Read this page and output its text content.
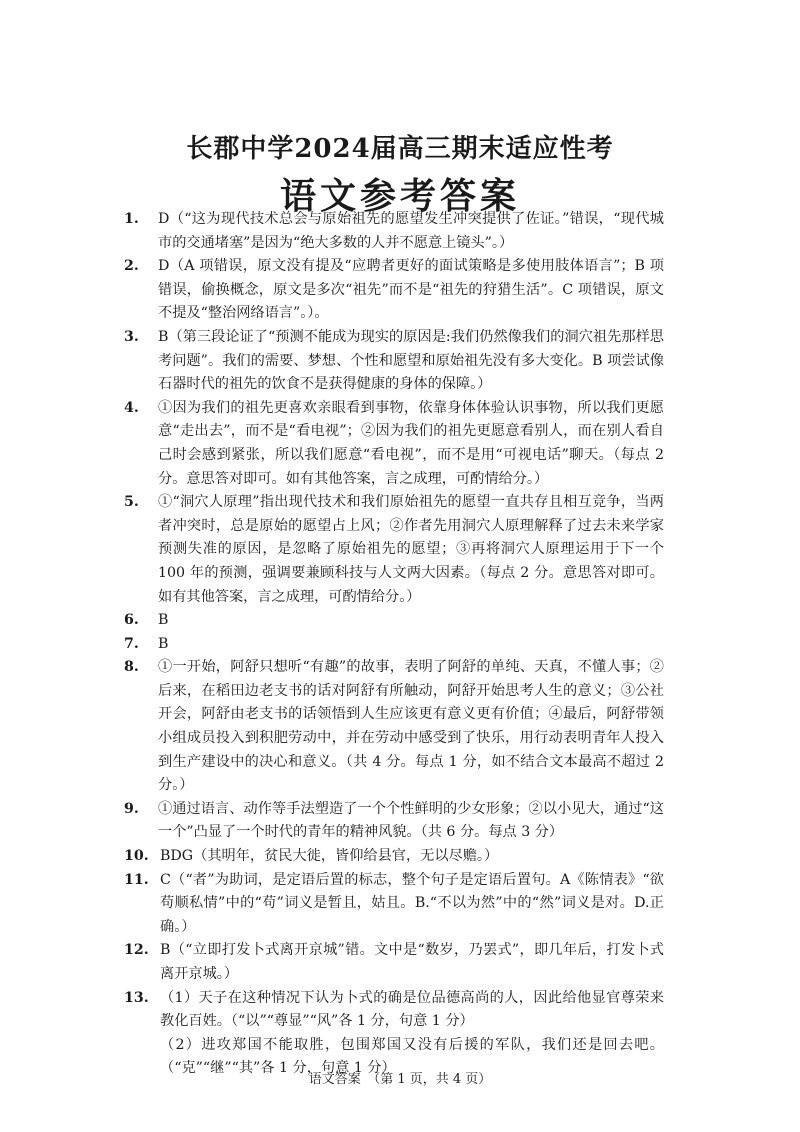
长郡中学2024届高三期末适应性考
语文参考答案
1.	D（“这为现代技术总会与原始祖先的愿望发生冲突提供了佐证。”错误，“现代城市的交通堵塞”是因为“绝大多数的人并不愿意上镜头”。）
2.	D（A 项错误，原文没有提及“应聘者更好的面试策略是多使用肢体语言”；B 项错误，偷换概念，原文是多次“祖先”而不是“祖先的狩猎生活”。C 项错误，原文不提及“整治网络语言”。）。
3.	B（第三段论证了“预测不能成为现实的原因是:我们仍然像我们的洞穴祖先那样思考问题”。我们的需要、梦想、个性和愿望和原始祖先没有多大变化。B 项尝试像石器时代的祖先的饮食不是获得健康的身体的保障。）
4.	①因为我们的祖先更喜欢亲眼看到事物，依靠身体体验认识事物，所以我们更愿意“走出去”，而不是“看电视”；②因为我们的祖先更愿意看别人，而在别人看自己时会感到紧张，所以我们愿意“看电视”，而不是用“可视电话”聊天。（每点 2 分。意思答对即可。如有其他答案，言之成理，可酌情给分。）
5.	①“洞穴人原理”指出现代技术和我们原始祖先的愿望一直共存且相互竞争，当两者冲突时，总是原始的愿望占上风；②作者先用洞穴人原理解释了过去未来学家预测失准的原因，是忽略了原始祖先的愿望；③再将洞穴人原理运用于下一个 100 年的预测，强调要兼顾科技与人文两大因素。（每点 2 分。意思答对即可。如有其他答案，言之成理，可酌情给分。）
6.	B
7.	B
8.	①一开始，阿舒只想听“有趣”的故事，表明了阿舒的单纯、天真，不懂人事；②后来，在稻田边老支书的话对阿舒有所触动，阿舒开始思考人生的意义；③公社开会，阿舒由老支书的话领悟到人生应该更有意义更有价值；④最后，阿舒带领小组成员投入到积肥劳动中，并在劳动中感受到了快乐，用行动表明青年人投入到生产建设中的决心和意义。（共 4 分。每点 1 分，如不结合文本最高不超过 2 分。）
9.	①通过语言、动作等手法塑造了一个个性鲜明的少女形象；②以小见大，通过“这一个”凸显了一个时代的青年的精神风貌。（共 6 分。每点 3 分）
10. BDG（其明年，贫民大徙，皆仰给县官，无以尽赡。）
11. C（“者”为助词，是定语后置的标志，整个句子是定语后置句。A《陈情表》“欲苟顺私情”中的“苟”词义是暂且，姑且。B.“不以为然”中的“然”词义是对。D.正确。）
12. B（“立即打发卜式离开京城”错。文中是“数岁，乃罢式”，即几年后，打发卜式离开京城。）
13. （1）天子在这种情况下认为卜式的确是位品德高尚的人，因此给他显官尊荣来教化百姓。（“以”“尊显”“风”各 1 分，句意 1 分）
（2）进攻郑国不能取胜，包围郑国又没有后援的军队，我们还是回去吧。（“克”“继”“其”各 1 分，句意 1 分）
语文答案　（第 1 页，共 4 页）
